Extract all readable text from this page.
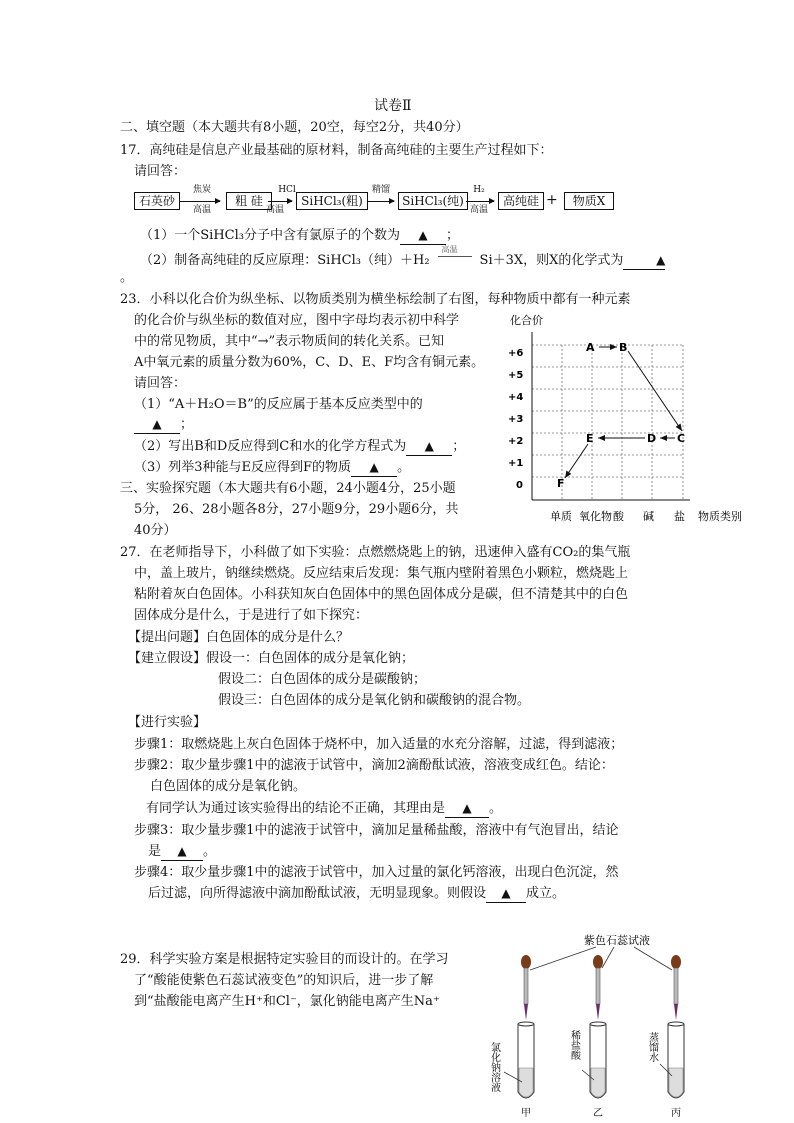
试卷Ⅱ
二、填空题（本大题共有8小题，20空，每空2分，共40分）
17．高纯硅是信息产业最基础的原材料，制备高纯硅的主要生产过程如下：
请回答：
石英砂
焦炭
高温
粗 硅
HCl
高温
SiHCl₃(粗)
精馏
SiHCl₃(纯)
H₂
高温
高纯硅 +	物质X
（1）一个SiHCl₃分子中含有氯原子的个数为 ▲ ；
（2）制备高纯硅的反应原理：SiHCl₃（纯）＋H₂
高温
Si＋3X，则X的化学式为	▲
。
23．小科以化合价为纵坐标、以物质类别为横坐标绘制了右图，每种物质中都有一种元素
的化合价与纵坐标的数值对应，图中字母均表示初中科学
中的常见物质，其中“→”表示物质间的转化关系。已知
A中氧元素的质量分数为60%，C、D、E、F均含有铜元素。
请回答：
（1）“A＋H₂O＝B”的反应属于基本反应类型中的
▲ ；
（2）写出B和D反应得到C和水的化学方程式为 ▲ ；
（3）列举3种能与E反应得到F的物质 ▲ 。
化合价
+6
+5
+4
+3
+2
+1
0
单质 氧化物 酸 碱 盐 物质类别
A B
C
D
E
F
三、实验探究题（本大题共有6小题，24小题4分，25小题
5分， 26、28小题各8分，27小题9分，29小题6分，共
40分）
27．在老师指导下，小科做了如下实验：点燃燃烧匙上的钠，迅速伸入盛有CO₂的集气瓶
中，盖上玻片，钠继续燃烧。反应结束后发现：集气瓶内壁附着黑色小颗粒，燃烧匙上
粘附着灰白色固体。小科获知灰白色固体中的黑色固体成分是碳，但不清楚其中的白色
固体成分是什么，于是进行了如下探究：
【提出问题】白色固体的成分是什么？
【建立假设】假设一：白色固体的成分是氧化钠；
假设二：白色固体的成分是碳酸钠；
假设三：白色固体的成分是氧化钠和碳酸钠的混合物。
【进行实验】
步骤1：取燃烧匙上灰白色固体于烧杯中，加入适量的水充分溶解，过滤，得到滤液；
步骤2：取少量步骤1中的滤液于试管中，滴加2滴酚酞试液，溶液变成红色。结论：
白色固体的成分是氧化钠。
有同学认为通过该实验得出的结论不正确，其理由是 ▲ 。
步骤3：取少量步骤1中的滤液于试管中，滴加足量稀盐酸，溶液中有气泡冒出，结论
是 ▲ 。
步骤4：取少量步骤1中的滤液于试管中，加入过量的氯化钙溶液，出现白色沉淀，然
后过滤，向所得滤液中滴加酚酞试液，无明显现象。则假设 ▲ 成立。
29．科学实验方案是根据特定实验目的而设计的。在学习
了“酸能使紫色石蕊试液变色”的知识后，进一步了解
到“盐酸能电离产生H⁺和Cl⁻，氯化钠能电离产生Na⁺
紫色石蕊试液
氯化钠溶液	稀盐酸	蒸馏水
甲	乙	丙
